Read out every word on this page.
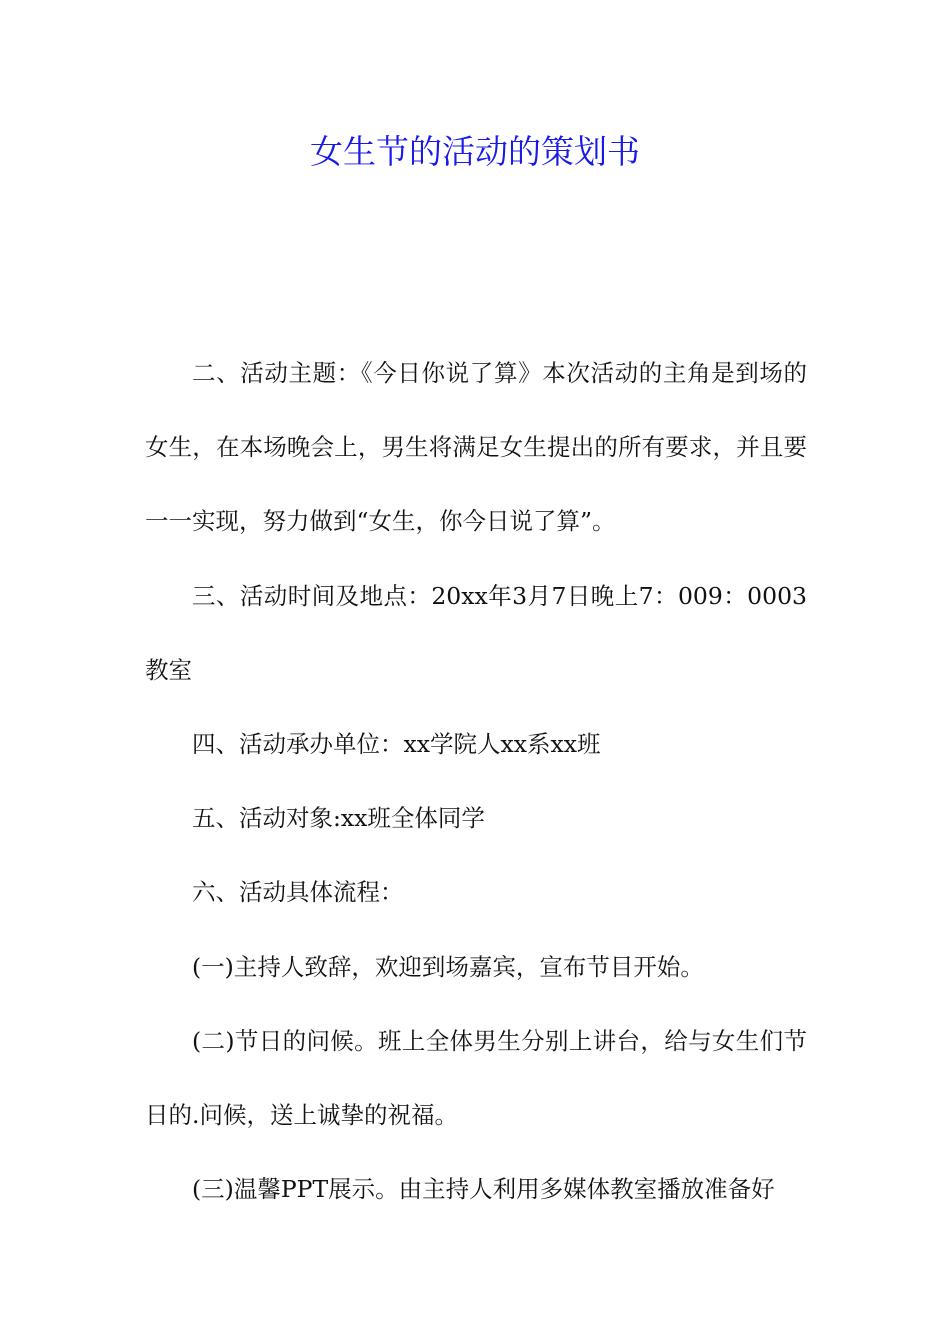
女生节的活动的策划书

二、活动主题：《今日你说了算》本次活动的主角是到场的女生，在本场晚会上，男生将满足女生提出的所有要求，并且要一一实现，努力做到“女生，你今日说了算”。

三、活动时间及地点：20xx年3月7日晚上7：009：0003教室

四、活动承办单位：xx学院人xx系xx班

五、活动对象:xx班全体同学

六、活动具体流程：

(一)主持人致辞，欢迎到场嘉宾，宣布节目开始。

(二)节日的问候。班上全体男生分别上讲台，给与女生们节日的.问候，送上诚挚的祝福。

(三)温馨PPT展示。由主持人利用多媒体教室播放准备好
